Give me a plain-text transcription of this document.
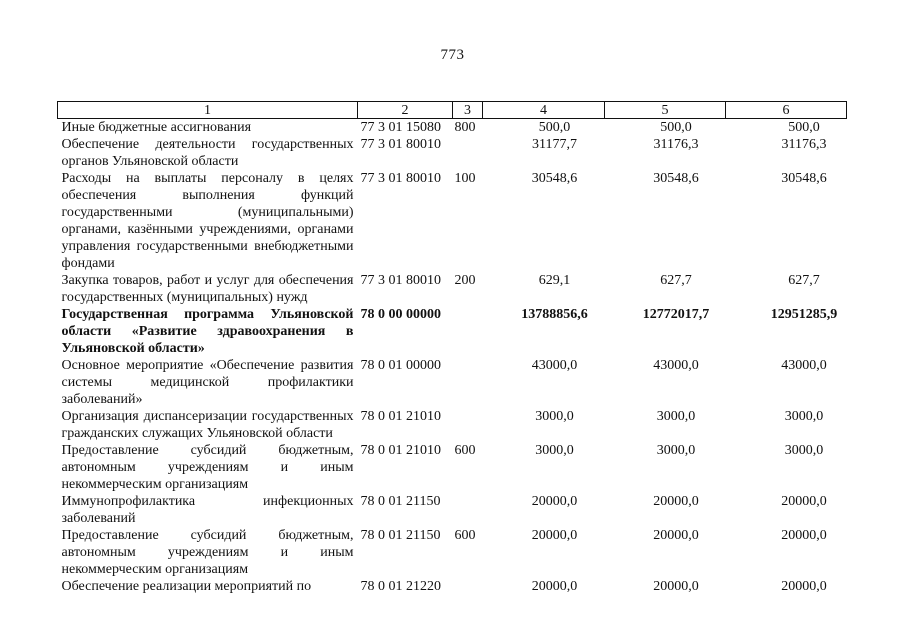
773
1	2	3	4	5	6
Иные бюджетные ассигнования	77 3 01 15080	800	500,0	500,0	500,0
Обеспечение деятельности государственных органов Ульяновской области	77 3 01 80010		31177,7	31176,3	31176,3
Расходы на выплаты персоналу в целях обеспечения выполнения функций государственными (муниципальными) органами, казёнными учреждениями, органами управления государственными внебюджетными фондами	77 3 01 80010	100	30548,6	30548,6	30548,6
Закупка товаров, работ и услуг для обеспечения государственных (муниципальных) нужд	77 3 01 80010	200	629,1	627,7	627,7
Государственная программа Ульяновской области «Развитие здравоохранения в Ульяновской области»	78 0 00 00000		13788856,6	12772017,7	12951285,9
Основное мероприятие «Обеспечение развития системы медицинской профилактики заболеваний»	78 0 01 00000		43000,0	43000,0	43000,0
Организация диспансеризации государственных гражданских служащих Ульяновской области	78 0 01 21010		3000,0	3000,0	3000,0
Предоставление субсидий бюджетным, автономным учреждениям и иным некоммерческим организациям	78 0 01 21010	600	3000,0	3000,0	3000,0
Иммунопрофилактика инфекционных заболеваний	78 0 01 21150		20000,0	20000,0	20000,0
Предоставление субсидий бюджетным, автономным учреждениям и иным некоммерческим организациям	78 0 01 21150	600	20000,0	20000,0	20000,0
Обеспечение реализации мероприятий по	78 0 01 21220		20000,0	20000,0	20000,0
